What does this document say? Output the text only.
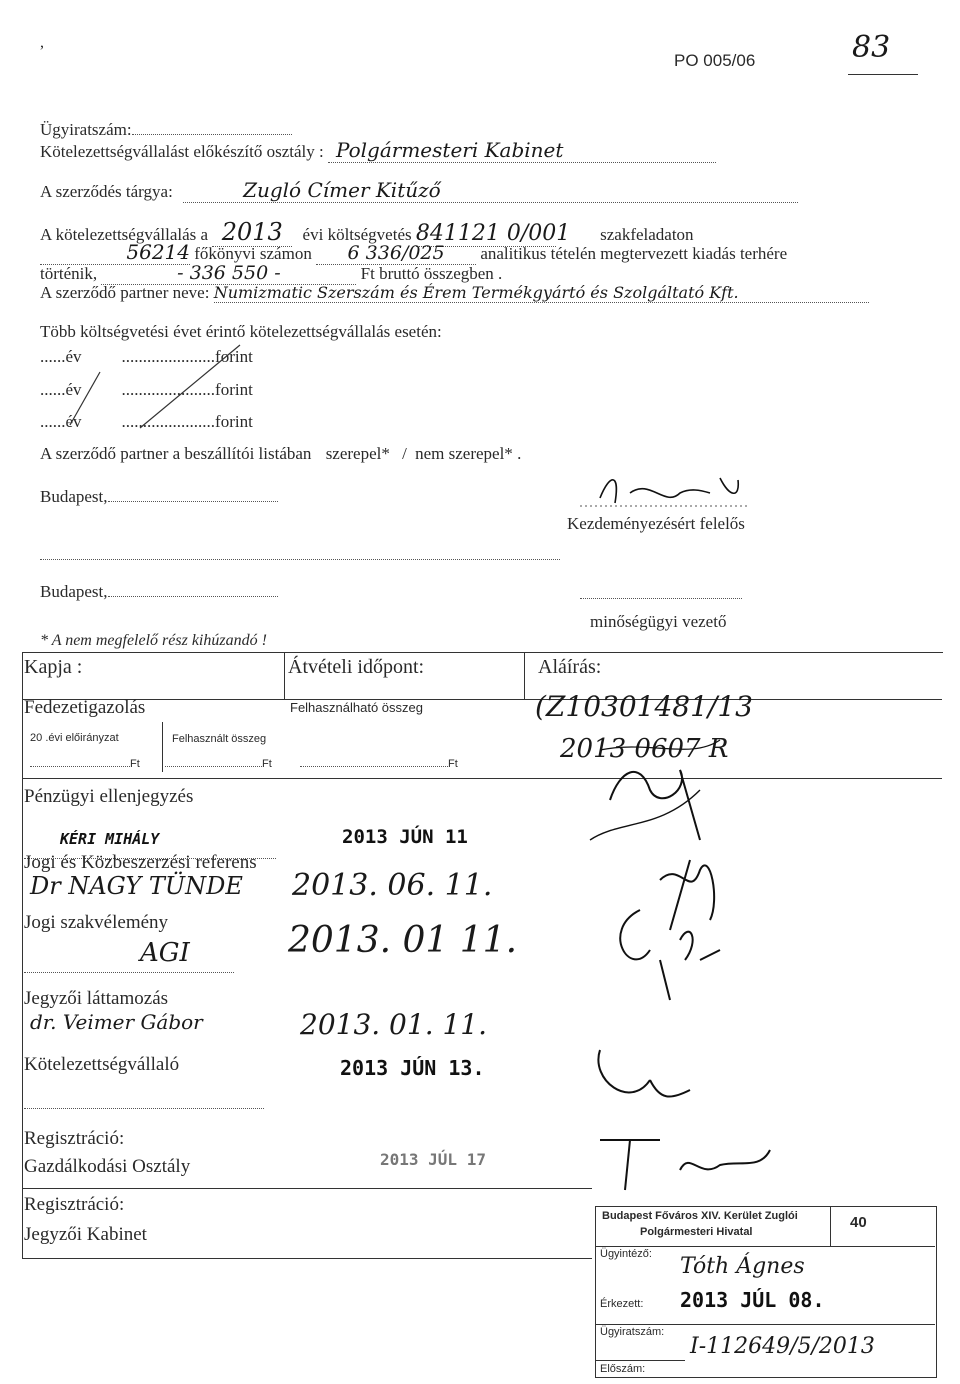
,
PO 005/06	83
Ügyiratszám:
Kötelezettségvállalást előkészítő osztály : Polgármesteri Kabinet
A szerződés tárgya:	Zugló Címer Kitűző
A kötelezettségvállalás a 2013 évi költségvetés 841121 0/001 szakfeladaton
56214 főkönyvi számon 6 336/025 analitikus tételén megtervezett kiadás terhére
történik,	- 336 550 -	Ft bruttó összegben .
A szerződő partner neve: Numizmatic Szerszám és Érem Termékgyártó és Szolgáltató Kft.
Több költségvetési évet érintő kötelezettségvállalás esetén:
......év ......................forint
......év ......................forint
......év ......................forint
A szerződő partner a beszállítói listában szerepel* / nem szerepel* .
Budapest,
Kezdeményezésért felelős
Budapest,
minőségügyi vezető
* A nem megfelelő rész kihúzandó !
Kapja :	Átvételi időpont:	Aláírás:
Fedezetigazolás	Felhasználható összeg
20 .évi előirányzat	Felhasznált összeg
Ft	Ft	Ft
(Z10301481/13
2013 0607 R
Pénzügyi ellenjegyzés
KÉRI MIHÁLY	2013 JÚN 11
Jogi és Közbeszerzési referens
Dr NAGY TÜNDE 2013. 06. 11.
Jogi szakvélemény
AGI	2013. 01 11.
Jegyzői láttamozás
dr. Veimer Gábor	2013. 01. 11.
Kötelezettségvállaló	2013 JÚN 13.
Regisztráció:
Gazdálkodási Osztály	2013 JÚL 17
Regisztráció:
Jegyzői Kabinet
Budapest Főváros XIV. Kerület Zuglói
Polgármesteri Hivatal
40
Ügyintéző: Tóth Ágnes
Érkezett: 2013 JÚL 08.
Ügyiratszám:
I-112649/5/2013
Előszám:
